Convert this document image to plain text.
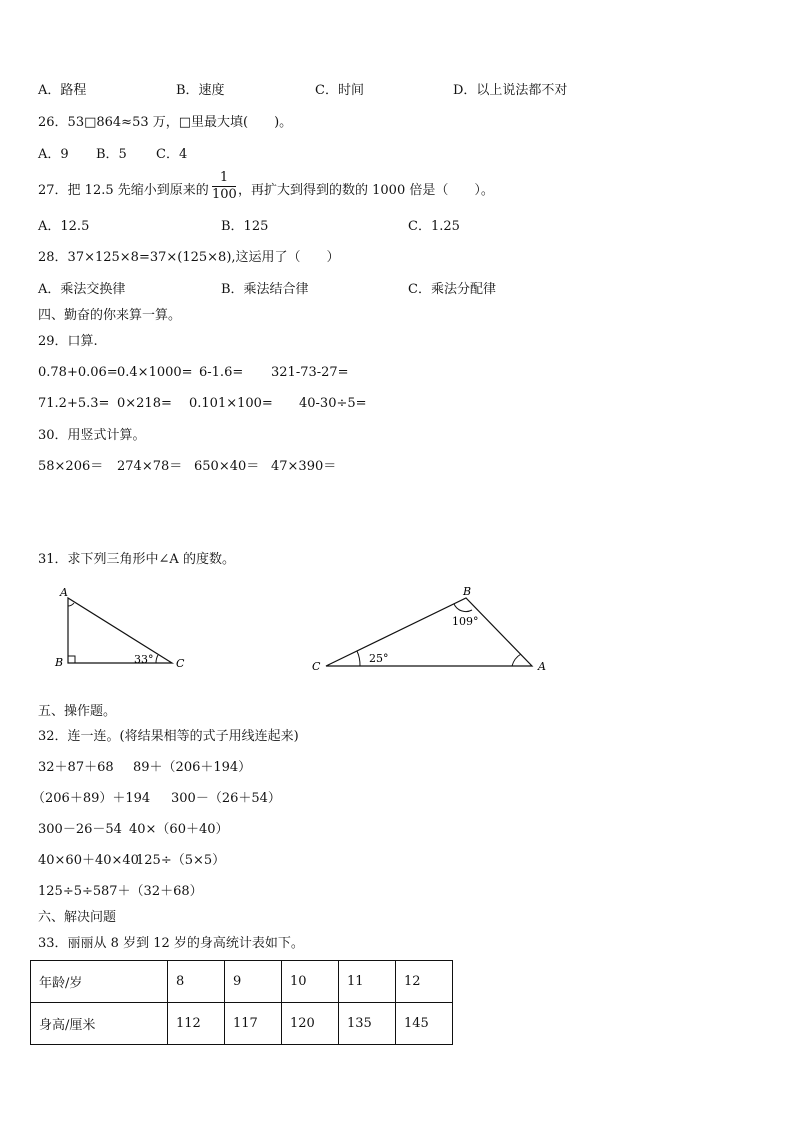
A．路程	B．速度	C．时间	D．以上说法都不对
26．53□864≈53 万，□里最大填(　　)。
A．9 B．5 C．4
27．把 12.5 先缩小到原来的
1
100 ，再扩大到得到的数的 1000 倍是（　　）。
A．12.5	B．125	C．1.25
28．37×125×8=37×(125×8),这运用了（　　）
A．乘法交换律	B．乘法结合律	C．乘法分配律
四、勤奋的你来算一算。
29．口算.
0.78+0.06= 0.4×1000= 6-1.6= 321-73-27=
71.2+5.3= 0×218= 0.101×100= 40-30÷5=
30．用竖式计算。
58×206＝ 274×78＝ 650×40＝ 47×390＝
31．求下列三角形中∠A 的度数。
A
B	C
33°
B
C	A
109°
25°
五、操作题。
32．连一连。(将结果相等的式子用线连起来)
32＋87＋68 89＋（206＋194）
（206＋89）＋194 300－（26＋54）
300－26－54 40×（60＋40）
40×60＋40×40
125÷（5×5）
125÷5÷5 87＋（32＋68）
六、解决问题
33．丽丽从 8 岁到 12 岁的身高统计表如下。
年龄/岁	8	9	10	11	12
身高/厘米	112	117	120	135	145
